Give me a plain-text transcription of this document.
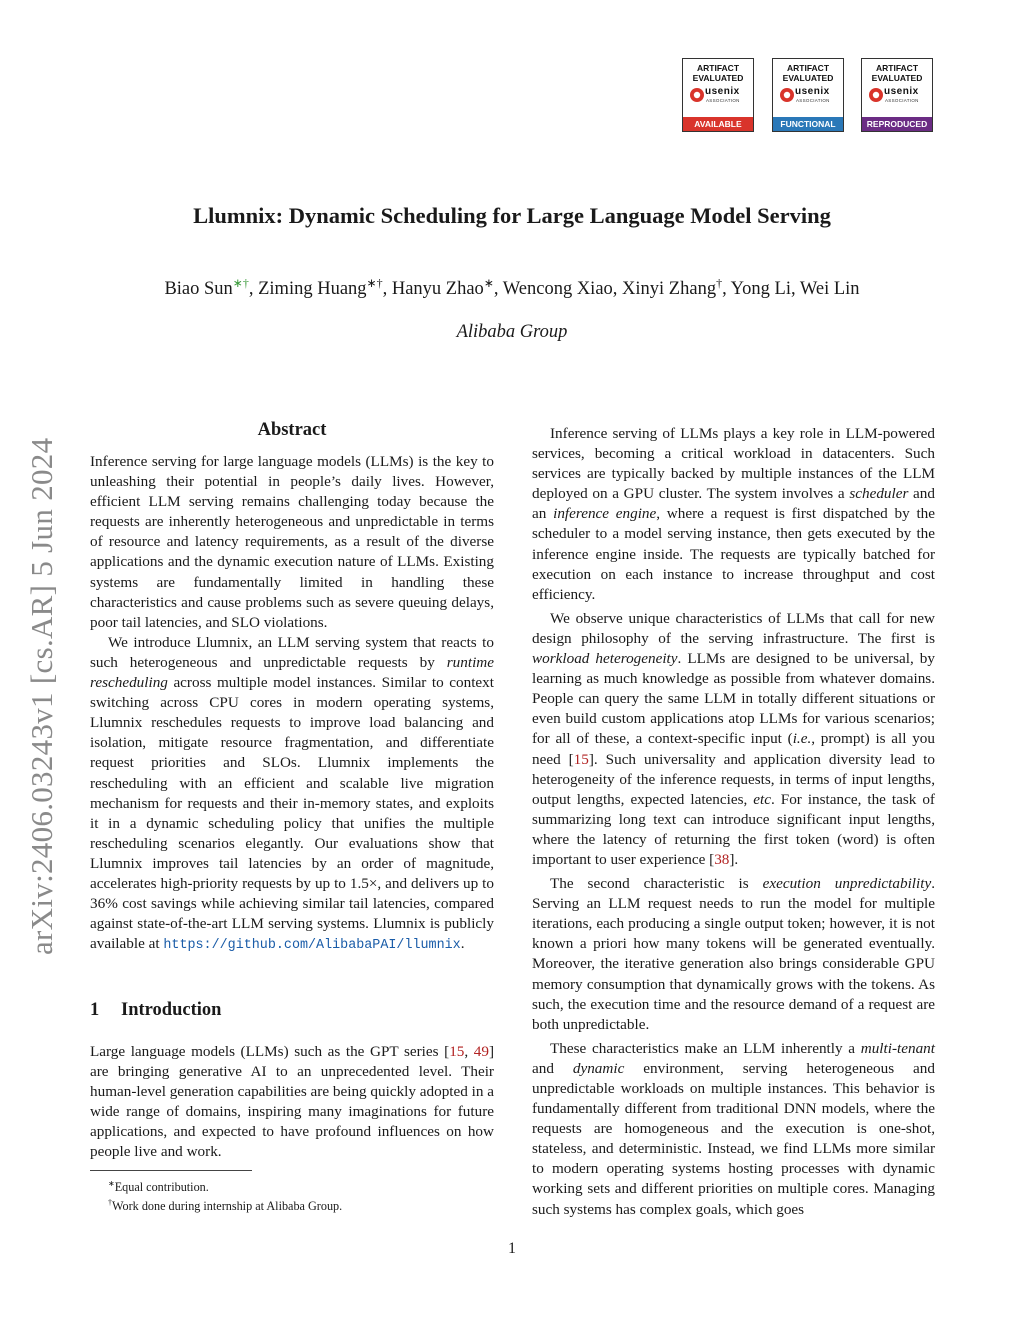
ARTIFACT
EVALUATED
usenix
ASSOCIATION
AVAILABLE
ARTIFACT
EVALUATED
usenix
ASSOCIATION
FUNCTIONAL
ARTIFACT
EVALUATED
usenix
ASSOCIATION
REPRODUCED
arXiv:2406.03243v1 [cs.AR] 5 Jun 2024
Llumnix: Dynamic Scheduling for Large Language Model Serving
Biao Sun∗†, Ziming Huang∗†, Hanyu Zhao∗, Wencong Xiao, Xinyi Zhang†, Yong Li, Wei Lin
Alibaba Group
Abstract

Inference serving for large language models (LLMs) is the key to unleashing their potential in people’s daily lives. However, efficient LLM serving remains challenging today because the requests are inherently heterogeneous and unpredictable in terms of resource and latency requirements, as a result of the diverse applications and the dynamic execution nature of LLMs. Existing systems are fundamentally limited in handling these characteristics and cause problems such as severe queuing delays, poor tail latencies, and SLO violations.

We introduce Llumnix, an LLM serving system that reacts to such heterogeneous and unpredictable requests by runtime rescheduling across multiple model instances. Similar to context switching across CPU cores in modern operating systems, Llumnix reschedules requests to improve load balancing and isolation, mitigate resource fragmentation, and differentiate request priorities and SLOs. Llumnix implements the rescheduling with an efficient and scalable live migration mechanism for requests and their in-memory states, and exploits it in a dynamic scheduling policy that unifies the multiple rescheduling scenarios elegantly. Our evaluations show that Llumnix improves tail latencies by an order of magnitude, accelerates high-priority requests by up to 1.5×, and delivers up to 36% cost savings while achieving similar tail latencies, compared against state-of-the-art LLM serving systems. Llumnix is publicly available at https://github.com/AlibabaPAI/llumnix.

1 Introduction

Large language models (LLMs) such as the GPT series [15, 49] are bringing generative AI to an unprecedented level. Their human-level generation capabilities are being quickly adopted in a wide range of domains, inspiring many imaginations for future applications, and expected to have profound influences on how people live and work.

∗Equal contribution.
†Work done during internship at Alibaba Group.

Inference serving of LLMs plays a key role in LLM-powered services, becoming a critical workload in datacenters. Such services are typically backed by multiple instances of the LLM deployed on a GPU cluster. The system involves a scheduler and an inference engine, where a request is first dispatched by the scheduler to a model serving instance, then gets executed by the inference engine inside. The requests are typically batched for execution on each instance to increase throughput and cost efficiency.

We observe unique characteristics of LLMs that call for new design philosophy of the serving infrastructure. The first is workload heterogeneity. LLMs are designed to be universal, by learning as much knowledge as possible from whatever domains. People can query the same LLM in totally different situations or even build custom applications atop LLMs for various scenarios; for all of these, a context-specific input (i.e., prompt) is all you need [15]. Such universality and application diversity lead to heterogeneity of the inference requests, in terms of input lengths, output lengths, expected latencies, etc. For instance, the task of summarizing long text can introduce significant input lengths, where the latency of returning the first token (word) is often important to user experience [38].

The second characteristic is execution unpredictability. Serving an LLM request needs to run the model for multiple iterations, each producing a single output token; however, it is not known a priori how many tokens will be generated eventually. Moreover, the iterative generation also brings considerable GPU memory consumption that dynamically grows with the tokens. As such, the execution time and the resource demand of a request are both unpredictable.

These characteristics make an LLM inherently a multi-tenant and dynamic environment, serving heterogeneous and unpredictable workloads on multiple instances. This behavior is fundamentally different from traditional DNN models, where the requests are homogeneous and the execution is one-shot, stateless, and deterministic. Instead, we find LLMs more similar to modern operating systems hosting processes with dynamic working sets and different priorities on multiple cores. Managing such systems has complex goals, which goes

1
